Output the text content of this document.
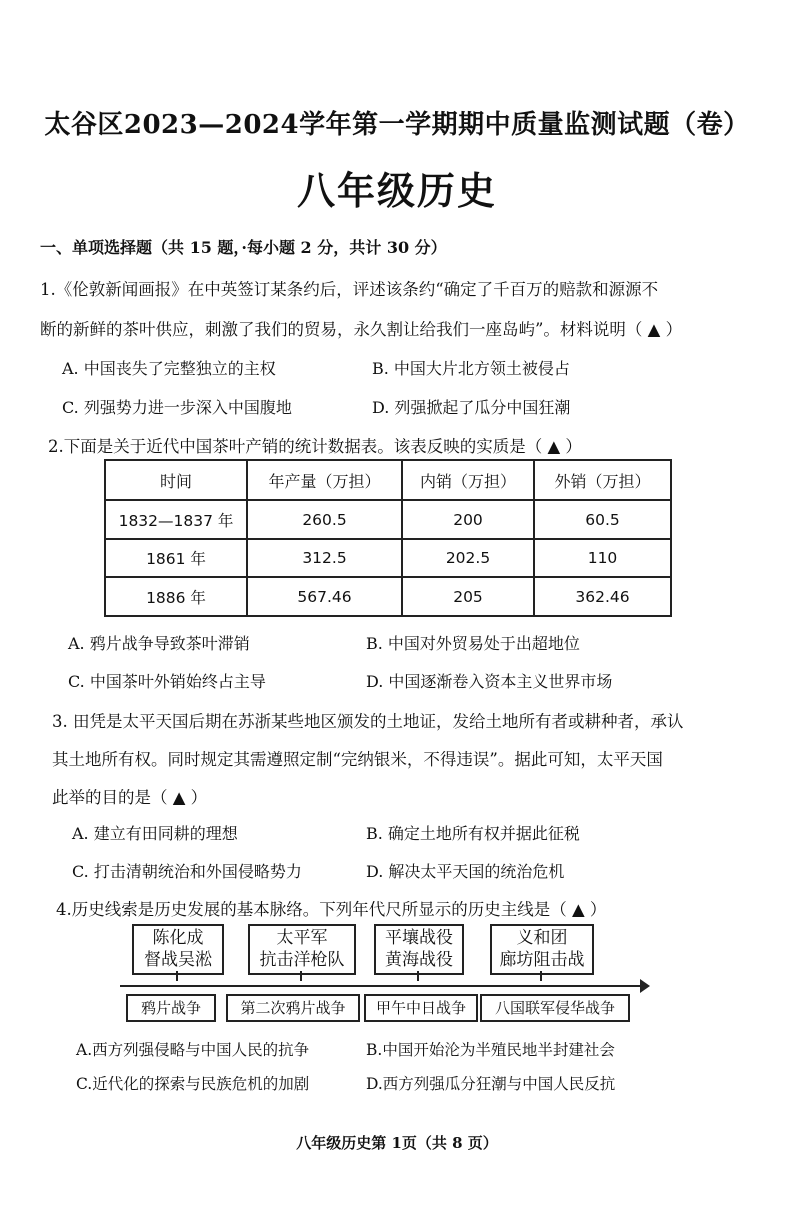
太谷区2023—2024学年第一学期期中质量监测试题（卷）
八年级历史
一、单项选择题（共 15 题，·每小题 2 分，共计 30 分）
1.《伦敦新闻画报》在中英签订某条约后，评述该条约“确定了千百万的赔款和源源不
断的新鲜的茶叶供应，刺激了我们的贸易，永久割让给我们一座岛屿”。材料说明（ ▲ ）
A. 中国丧失了完整独立的主权	B. 中国大片北方领土被侵占
C. 列强势力进一步深入中国腹地	D. 列强掀起了瓜分中国狂潮
2.下面是关于近代中国茶叶产销的统计数据表。该表反映的实质是（ ▲ ）
时间	年产量（万担）	内销（万担）	外销（万担）
1832—1837 年	260.5	200	60.5
1861 年	312.5	202.5	110
1886 年	567.46	205	362.46
A. 鸦片战争导致茶叶滞销	B. 中国对外贸易处于出超地位
C. 中国茶叶外销始终占主导	D. 中国逐渐卷入资本主义世界市场
3. 田凭是太平天国后期在苏浙某些地区颁发的土地证，发给土地所有者或耕种者，承认
其土地所有权。同时规定其需遵照定制“完纳银米，不得违误”。据此可知，太平天国
此举的目的是（ ▲ ）
A. 建立有田同耕的理想	B. 确定土地所有权并据此征税
C. 打击清朝统治和外国侵略势力	D. 解决太平天国的统治危机
4.历史线索是历史发展的基本脉络。下列年代尺所显示的历史主线是（ ▲ ）
陈化成
督战吴淞
太平军
抗击洋枪队
平壤战役
黄海战役
义和团
廊坊阻击战
鸦片战争	第二次鸦片战争	甲午中日战争	八国联军侵华战争
A.西方列强侵略与中国人民的抗争	B.中国开始沦为半殖民地半封建社会
C.近代化的探索与民族危机的加剧	D.西方列强瓜分狂潮与中国人民反抗
八年级历史第 1页（共 8 页）
